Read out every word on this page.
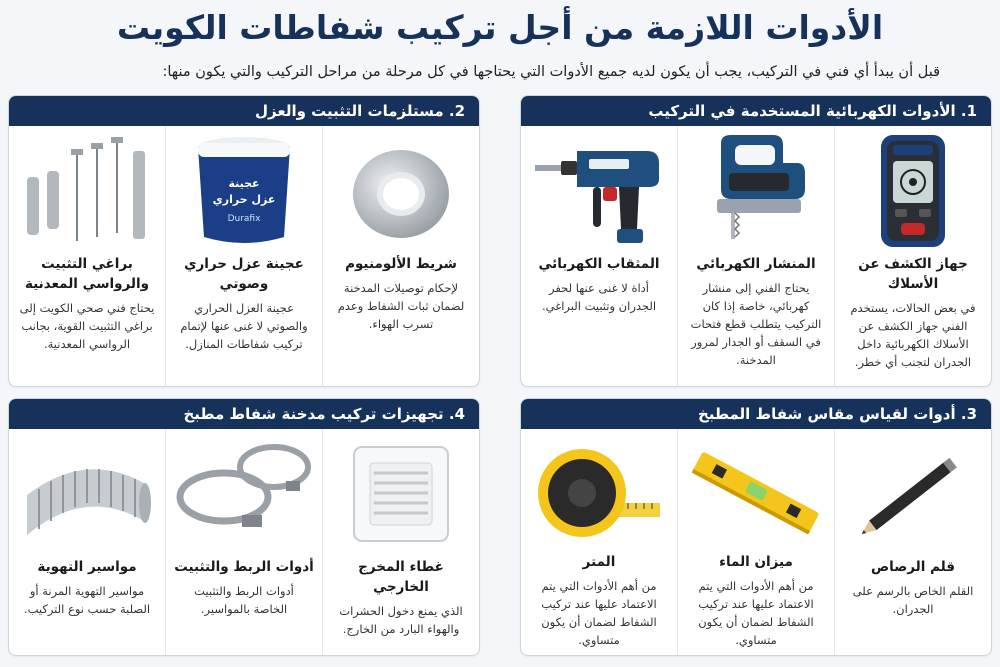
الأدوات اللازمة من أجل تركيب شفاطات الكويت
قبل أن يبدأ أي فني في التركيب، يجب أن يكون لديه جميع الأدوات التي يحتاجها في كل مرحلة من مراحل التركيب والتي يكون منها:
1. الأدوات الكهربائية المستخدمة في التركيب
جهاز الكشف عن الأسلاك
في بعض الحالات، يستخدم الفني جهاز الكشف عن الأسلاك الكهربائية داخل الجدران لتجنب أي خطر.
المنشار الكهربائي
يحتاج الفني إلى منشار كهربائي، خاصة إذا كان التركيب يتطلب قطع فتحات في السقف أو الجدار لمرور المدخنة.
المثقاب الكهربائي
أداة لا غنى عنها لحفر الجدران وتثبيت البراغي.
2. مستلزمات التثبيت والعزل
شريط الألومنيوم
لإحكام توصيلات المدخنة لضمان ثبات الشفاط وعدم تسرب الهواء.
عجينة
عزل حراري
Durafix
عجينة عزل حراري وصوتي
عجينة العزل الحراري والصوتي لا غنى عنها لإتمام تركيب شفاطات المنازل.
براغي التثبيت والرواسي المعدنية
يحتاج فني صحي الكويت إلى براغي التثبيت القوية، بجانب الرواسي المعدنية.
3. أدوات لقياس مقاس شفاط المطبخ
قلم الرصاص
القلم الخاص بالرسم على الجدران.
ميزان الماء
من أهم الأدوات التي يتم الاعتماد عليها عند تركيب الشفاط لضمان أن يكون متساوي.
المتر
من أهم الأدوات التي يتم الاعتماد عليها عند تركيب الشفاط لضمان أن يكون متساوي.
4. تجهيزات تركيب مدخنة شفاط مطبخ
غطاء المخرج الخارجي
الذي يمنع دخول الحشرات والهواء البارد من الخارج.
أدوات الربط والتثبيت
أدوات الربط والتثبيت الخاصة بالمواسير.
مواسير التهوية
مواسير التهوية المرنة أو الصلبة حسب نوع التركيب.
